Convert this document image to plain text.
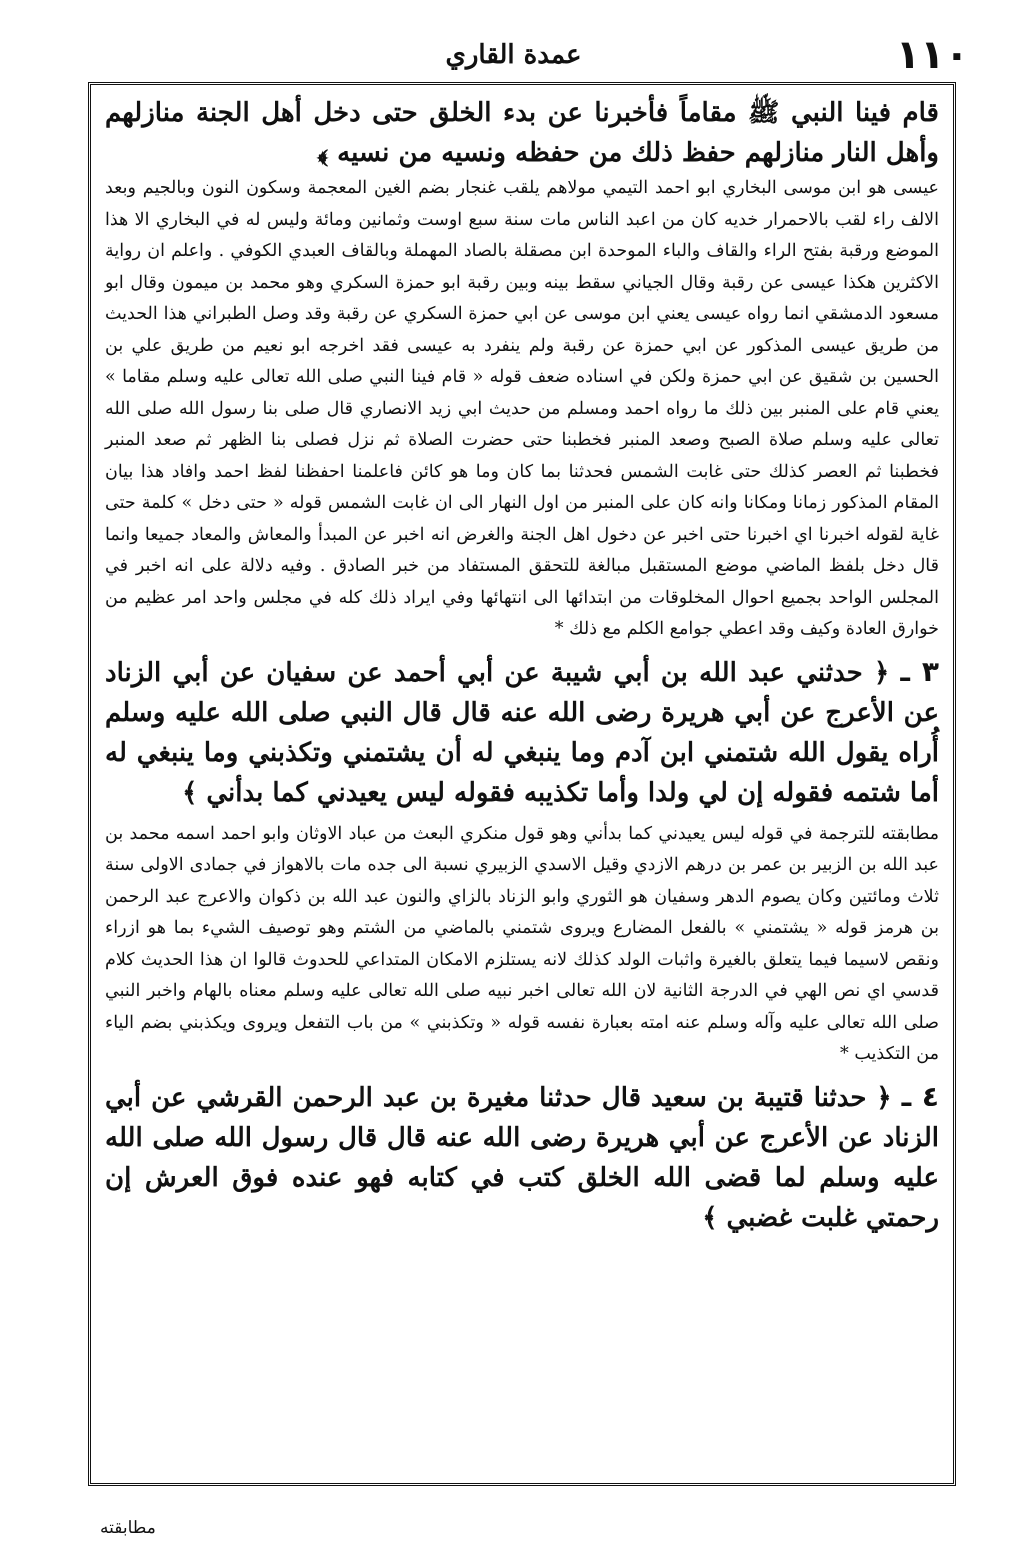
١١٠
عمدة القاري
قام فينا النبي ﷺ مقاماً فأخبرنا عن بدء الخلق حتى دخل أهل الجنة منازلهم وأهل النار منازلهم حفظ ذلك من حفظه ونسيه من نسيه ﴾
عيسى هو ابن موسى البخاري ابو احمد التيمي مولاهم يلقب غنجار بضم الغين المعجمة وسكون النون وبالجيم وبعد الالف راء لقب بالاحمرار خديه كان من اعبد الناس مات سنة سبع اوست وثمانين ومائة وليس له في البخاري الا هذا الموضع ورقبة بفتح الراء والقاف والباء الموحدة ابن مصقلة بالصاد المهملة وبالقاف العبدي الكوفي . واعلم ان رواية الاكثرين هكذا عيسى عن رقبة وقال الجياني سقط بينه وبين رقبة ابو حمزة السكري وهو محمد بن ميمون وقال ابو مسعود الدمشقي انما رواه عيسى يعني ابن موسى عن ابي حمزة السكري عن رقبة وقد وصل الطبراني هذا الحديث من طريق عيسى المذكور عن ابي حمزة عن رقبة ولم ينفرد به عيسى فقد اخرجه ابو نعيم من طريق علي بن الحسين بن شقيق عن ابي حمزة ولكن في اسناده ضعف قوله « قام فينا النبي صلى الله تعالى عليه وسلم مقاما » يعني قام على المنبر بين ذلك ما رواه احمد ومسلم من حديث ابي زيد الانصاري قال صلى بنا رسول الله صلى الله تعالى عليه وسلم صلاة الصبح وصعد المنبر فخطبنا حتى حضرت الصلاة ثم نزل فصلى بنا الظهر ثم صعد المنبر فخطبنا ثم العصر كذلك حتى غابت الشمس فحدثنا بما كان وما هو كائن فاعلمنا احفظنا لفظ احمد وافاد هذا بيان المقام المذكور زمانا ومكانا وانه كان على المنبر من اول النهار الى ان غابت الشمس قوله « حتى دخل » كلمة حتى غاية لقوله اخبرنا اي اخبرنا حتى اخبر عن دخول اهل الجنة والغرض انه اخبر عن المبدأ والمعاش والمعاد جميعا وانما قال دخل بلفظ الماضي موضع المستقبل مبالغة للتحقق المستفاد من خبر الصادق . وفيه دلالة على انه اخبر في المجلس الواحد بجميع احوال المخلوقات من ابتدائها الى انتهائها وفي ايراد ذلك كله في مجلس واحد امر عظيم من خوارق العادة وكيف وقد اعطي جوامع الكلم مع ذلك *
٣ ـ ﴿ حدثني عبد الله بن أبي شيبة عن أبي أحمد عن سفيان عن أبي الزناد عن الأعرج عن أبي هريرة رضى الله عنه قال قال النبي صلى الله عليه وسلم أُراه يقول الله شتمني ابن آدم وما ينبغي له أن يشتمني وتكذبني وما ينبغي له أما شتمه فقوله إن لي ولدا وأما تكذيبه فقوله ليس يعيدني كما بدأني ﴾
مطابقته للترجمة في قوله ليس يعيدني كما بدأني وهو قول منكري البعث من عباد الاوثان وابو احمد اسمه محمد بن عبد الله بن الزبير بن عمر بن درهم الازدي وقيل الاسدي الزبيري نسبة الى جده مات بالاهواز في جمادى الاولى سنة ثلاث ومائتين وكان يصوم الدهر وسفيان هو الثوري وابو الزناد بالزاي والنون عبد الله بن ذكوان والاعرج عبد الرحمن بن هرمز قوله « يشتمني » بالفعل المضارع ويروى شتمني بالماضي من الشتم وهو توصيف الشيء بما هو ازراء ونقص لاسيما فيما يتعلق بالغيرة واثبات الولد كذلك لانه يستلزم الامكان المتداعي للحدوث قالوا ان هذا الحديث كلام قدسي اي نص الهي في الدرجة الثانية لان الله تعالى اخبر نبيه صلى الله تعالى عليه وسلم معناه بالهام واخبر النبي صلى الله تعالى عليه وآله وسلم عنه امته بعبارة نفسه قوله « وتكذبني » من باب التفعل ويروى ويكذبني بضم الياء من التكذيب *
٤ ـ ﴿ حدثنا قتيبة بن سعيد قال حدثنا مغيرة بن عبد الرحمن القرشي عن أبي الزناد عن الأعرج عن أبي هريرة رضى الله عنه قال قال رسول الله صلى الله عليه وسلم لما قضى الله الخلق كتب في كتابه فهو عنده فوق العرش إن رحمتي غلبت غضبي ﴾
مطابقته
